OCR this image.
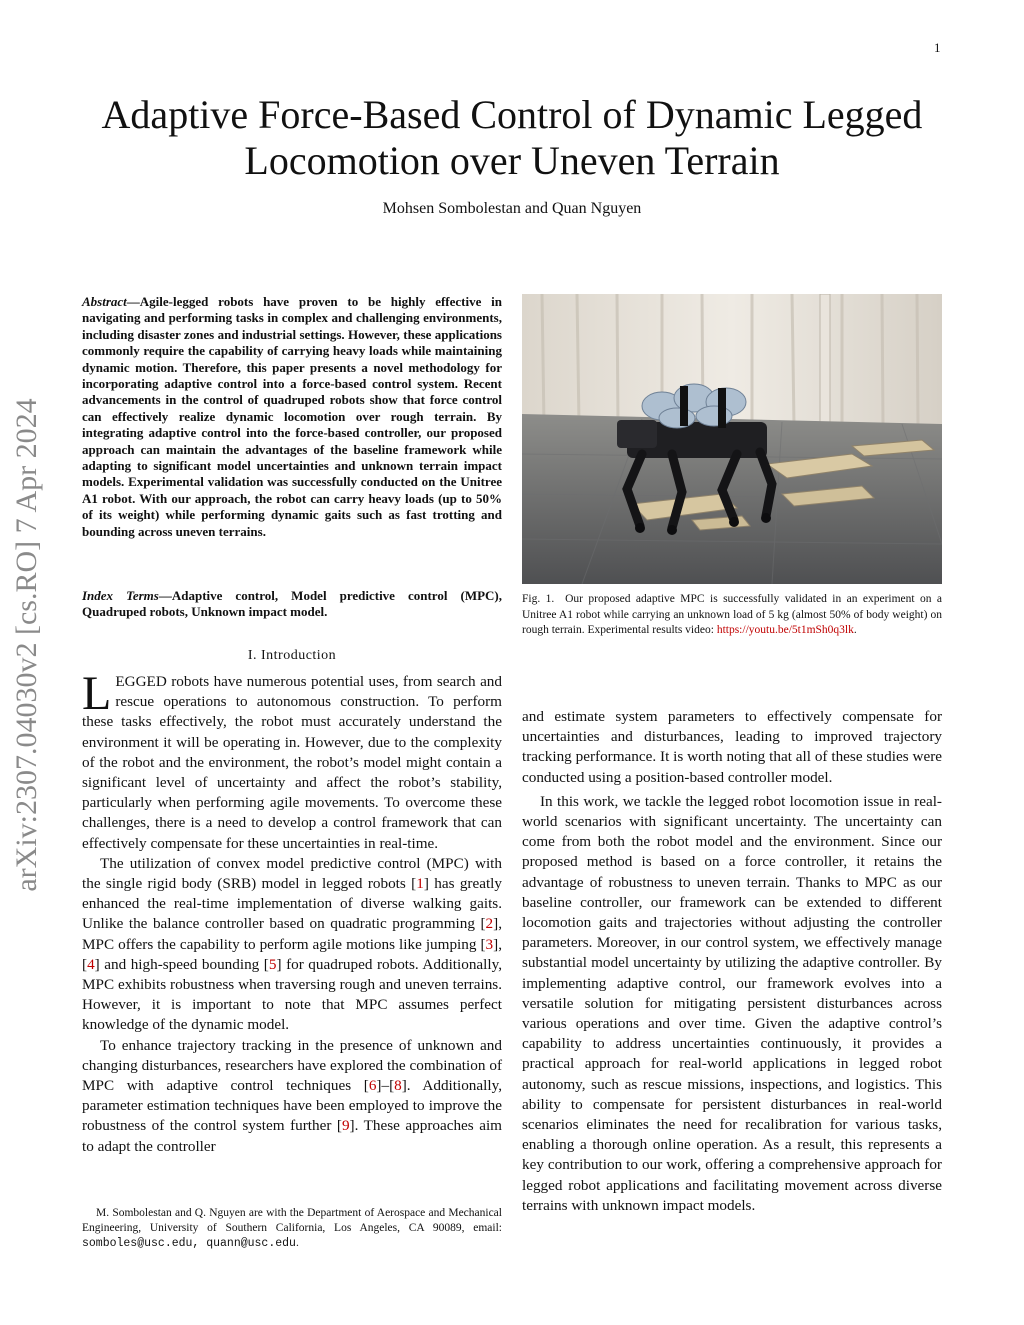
1
arXiv:2307.04030v2 [cs.RO] 7 Apr 2024
Adaptive Force-Based Control of Dynamic Legged
Locomotion over Uneven Terrain
Mohsen Sombolestan and Quan Nguyen
Abstract—Agile-legged robots have proven to be highly effective in navigating and performing tasks in complex and challenging environments, including disaster zones and industrial settings. However, these applications commonly require the capability of carrying heavy loads while maintaining dynamic motion. Therefore, this paper presents a novel methodology for incorporating adaptive control into a force-based control system. Recent advancements in the control of quadruped robots show that force control can effectively realize dynamic locomotion over rough terrain. By integrating adaptive control into the force-based controller, our proposed approach can maintain the advantages of the baseline framework while adapting to significant model uncertainties and unknown terrain impact models. Experimental validation was successfully conducted on the Unitree A1 robot. With our approach, the robot can carry heavy loads (up to 50% of its weight) while performing dynamic gaits such as fast trotting and bounding across uneven terrains.
Index Terms—Adaptive control, Model predictive control (MPC), Quadruped robots, Unknown impact model.
I. Introduction

LEGGED robots have numerous potential uses, from search and rescue operations to autonomous construction. To perform these tasks effectively, the robot must accurately understand the environment it will be operating in. However, due to the complexity of the robot and the environment, the robot’s model might contain a significant level of uncertainty and affect the robot’s stability, particularly when performing agile movements. To overcome these challenges, there is a need to develop a control framework that can effectively compensate for these uncertainties in real-time.

The utilization of convex model predictive control (MPC) with the single rigid body (SRB) model in legged robots [1] has greatly enhanced the real-time implementation of diverse walking gaits. Unlike the balance controller based on quadratic programming [2], MPC offers the capability to perform agile motions like jumping [3], [4] and high-speed bounding [5] for quadruped robots. Additionally, MPC exhibits robustness when traversing rough and uneven terrains. However, it is important to note that MPC assumes perfect knowledge of the dynamic model.

To enhance trajectory tracking in the presence of unknown and changing disturbances, researchers have explored the combination of MPC with adaptive control techniques [6]–[8]. Additionally, parameter estimation techniques have been employed to improve the robustness of the control system further [9]. These approaches aim to adapt the controller

M. Sombolestan and Q. Nguyen are with the Department of Aerospace and Mechanical Engineering, University of Southern California, Los Angeles, CA 90089, email: somboles@usc.edu, quann@usc.edu.
Fig. 1. Our proposed adaptive MPC is successfully validated in an experiment on a Unitree A1 robot while carrying an unknown load of 5 kg (almost 50% of body weight) on rough terrain. Experimental results video: https://youtu.be/5t1mSh0q3lk.

and estimate system parameters to effectively compensate for uncertainties and disturbances, leading to improved trajectory tracking performance. It is worth noting that all of these studies were conducted using a position-based controller model.

In this work, we tackle the legged robot locomotion issue in real-world scenarios with significant uncertainty. The uncertainty can come from both the robot model and the environment. Since our proposed method is based on a force controller, it retains the advantage of robustness to uneven terrain. Thanks to MPC as our baseline controller, our framework can be extended to different locomotion gaits and trajectories without adjusting the controller parameters. Moreover, in our control system, we effectively manage substantial model uncertainty by utilizing the adaptive controller. By implementing adaptive control, our framework evolves into a versatile solution for mitigating persistent disturbances across various operations and over time. Given the adaptive control’s capability to address uncertainties continuously, it provides a practical approach for real-world applications in legged robot autonomy, such as rescue missions, inspections, and logistics. This ability to compensate for persistent disturbances in real-world scenarios eliminates the need for recalibration for various tasks, enabling a thorough online operation. As a result, this represents a key contribution to our work, offering a comprehensive approach for legged robot applications and facilitating movement across diverse terrains with unknown impact models.
